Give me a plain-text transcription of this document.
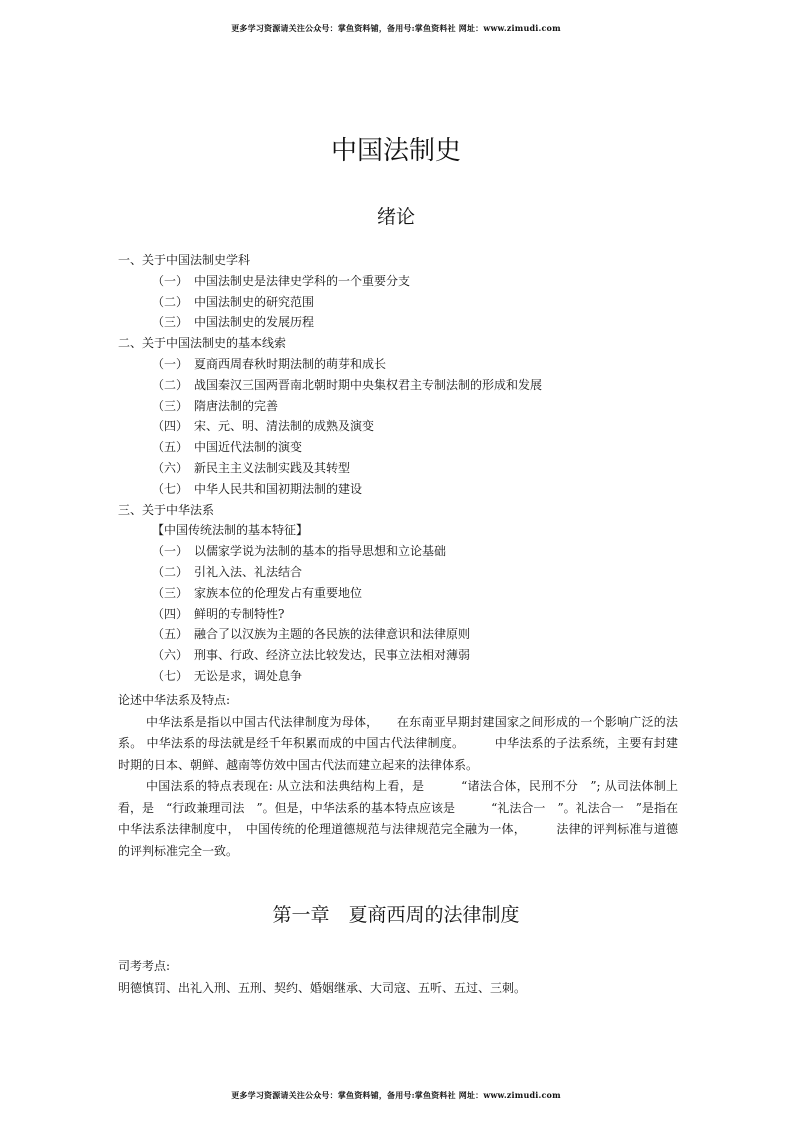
更多学习资源请关注公众号：掌鱼资料铺，备用号:掌鱼资料社 网址：www.zimudi.com
中国法制史
绪论
一、关于中国法制史学科
（一） 中国法制史是法律史学科的一个重要分支
（二） 中国法制史的研究范围
（三） 中国法制史的发展历程
二、关于中国法制史的基本线索
（一） 夏商西周春秋时期法制的萌芽和成长
（二） 战国秦汉三国两晋南北朝时期中央集权君主专制法制的形成和发展
（三） 隋唐法制的完善
（四） 宋、元、明、清法制的成熟及演变
（五） 中国近代法制的演变
（六） 新民主主义法制实践及其转型
（七） 中华人民共和国初期法制的建设
三、关于中华法系
【中国传统法制的基本特征】
（一） 以儒家学说为法制的基本的指导思想和立论基础
（二） 引礼入法、礼法结合
（三） 家族本位的伦理发占有重要地位
（四） 鲜明的专制特性?
（五） 融合了以汉族为主题的各民族的法律意识和法律原则
（六） 刑事、行政、经济立法比较发达，民事立法相对薄弱
（七） 无讼是求，调处息争
论述中华法系及特点:
中华法系是指以中国古代法律制度为母体，　　在东南亚早期封建国家之间形成的一个影响广泛的法系。 中华法系的母法就是经千年积累而成的中国古代法律制度。　　　中华法系的子法系统，主要有封建时期的日本、朝鲜、越南等仿效中国古代法而建立起来的法律体系。
中国法系的特点表现在: 从立法和法典结构上看，是　　　“诸法合体，民刑不分　”; 从司法体制上看，是　“行政兼理司法　”。但是，中华法系的基本特点应该是　　　“礼法合一　”。礼法合一　”是指在中华法系法律制度中，　中国传统的伦理道德规范与法律规范完全融为一体，　　　法律的评判标准与道德的评判标准完全一致。
第一章　夏商西周的法律制度
司考考点:
明德慎罚、出礼入刑、五刑、契约、婚姻继承、大司寇、五听、五过、三刺。
更多学习资源请关注公众号：掌鱼资料铺，备用号:掌鱼资料社 网址：www.zimudi.com
